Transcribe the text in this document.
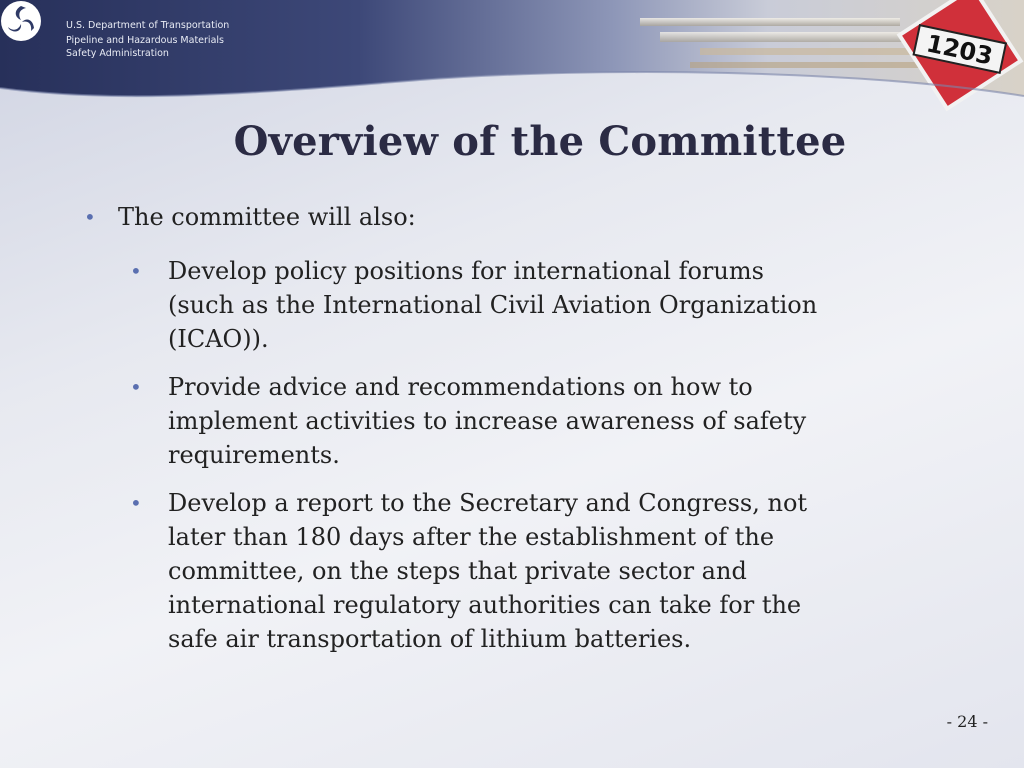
1203
U.S. Department of Transportation
Pipeline and Hazardous Materials
Safety Administration
Overview of the Committee
• The committee will also:
• Develop policy positions for international forums (such as the International Civil Aviation Organization (ICAO)).
• Provide advice and recommendations on how to implement activities to increase awareness of safety requirements.
• Develop a report to the Secretary and Congress, not later than 180 days after the establishment of the committee, on the steps that private sector and international regulatory authorities can take for the safe air transportation of lithium batteries.
- 24 -
